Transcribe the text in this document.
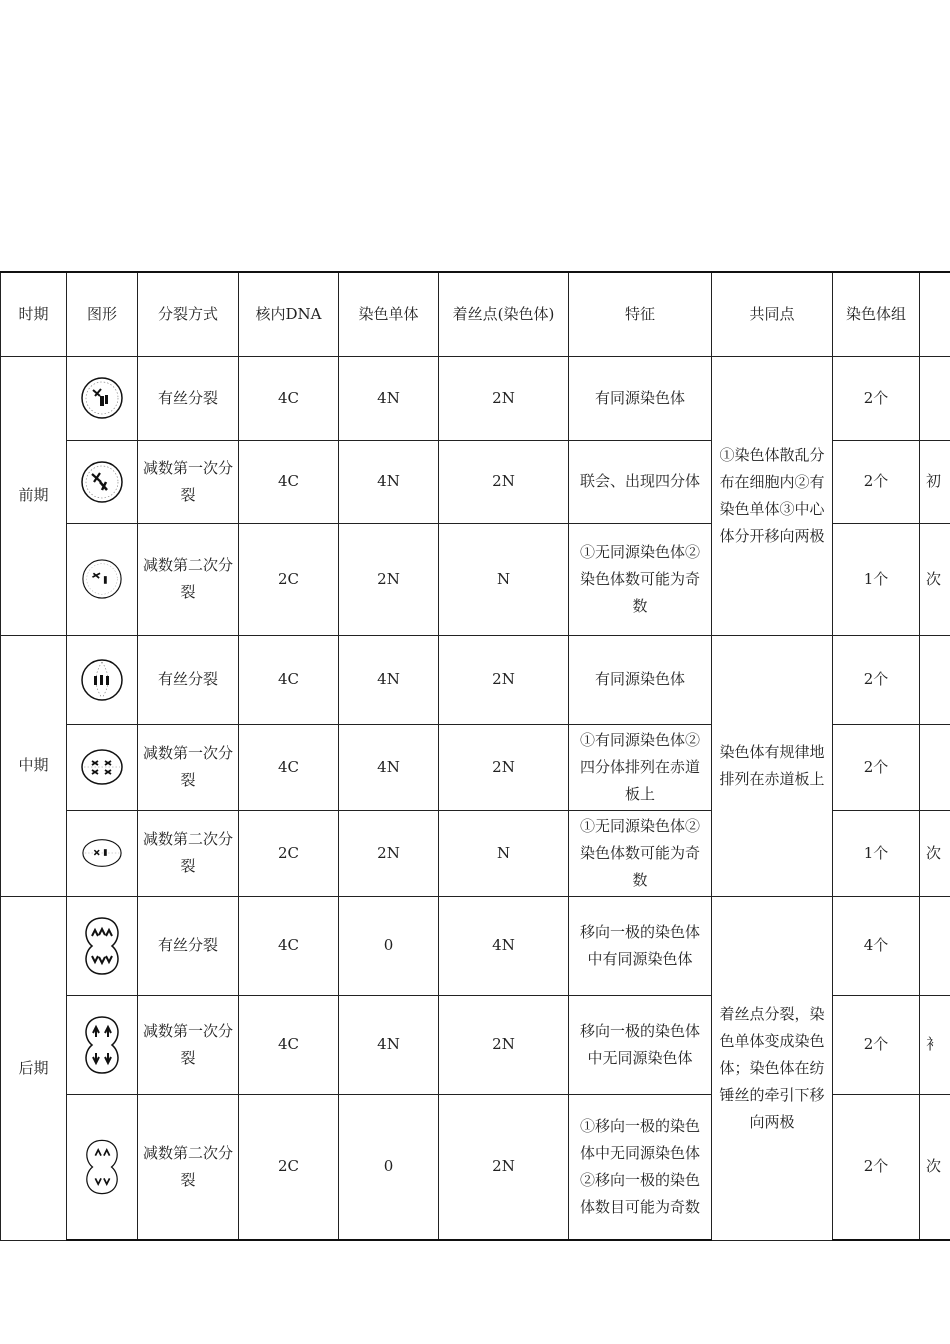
时期	图形	分裂方式	核内DNA	染色单体	着丝点(染色体)	特征	共同点	染色体组	
前期		有丝分裂	4C	4N	2N	有同源染色体	①染色体散乱分布在细胞内②有染色单体③中心体分开移向两极	2个	

	减数第一次分裂	4C	4N	2N	联会、出现四分体		2个	初

	减数第二次分裂	2C	2N	N	①无同源染色体②染色体数可能为奇数		1个	次
中期		有丝分裂	4C	4N	2N	有同源染色体	染色体有规律地排列在赤道板上	2个	

	减数第一次分裂	4C	4N	2N	①有同源染色体②四分体排列在赤道板上		2个	

	减数第二次分裂	2C	2N	N	①无同源染色体②染色体数可能为奇数		1个	次
后期		有丝分裂	4C	0	4N	移向一极的染色体中有同源染色体	着丝点分裂，染色单体变成染色体；染色体在纺锤丝的牵引下移向两极	4个	

	减数第一次分裂	4C	4N	2N	移向一极的染色体中无同源染色体		2个	衤

	减数第二次分裂	2C	0	2N	①移向一极的染色体中无同源染色体②移向一极的染色体数目可能为奇数		2个	次
